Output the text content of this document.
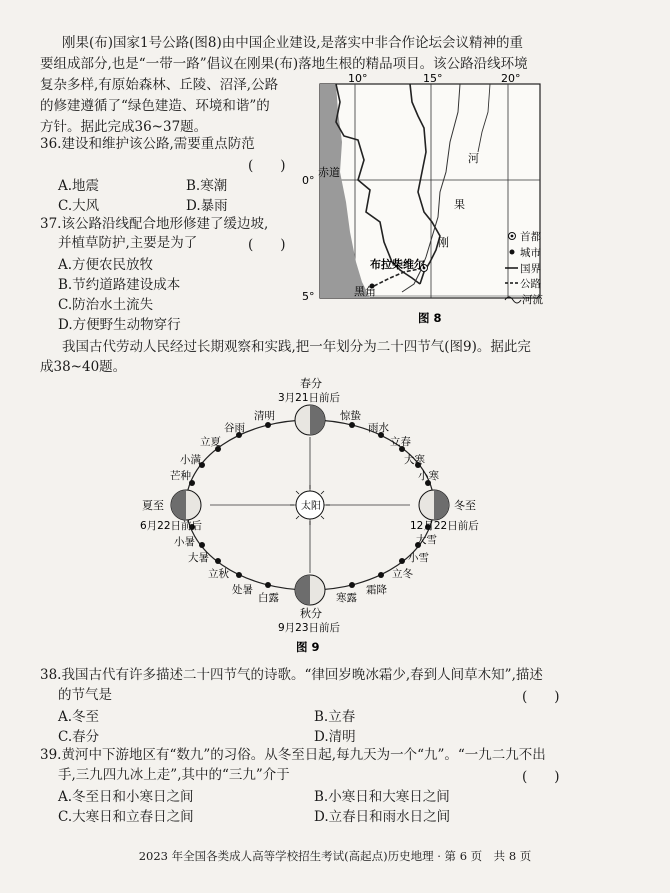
刚果(布)国家1号公路(图8)由中国企业建设,是落实中非合作论坛会议精神的重
要组成部分,也是“一带一路”倡议在刚果(布)落地生根的精品项目。该公路沿线环境
复杂多样,有原始森林、丘陵、沼泽,公路
的修建遵循了“绿色建造、环境和谐”的
方针。据此完成36~37题。
36.建设和维护该公路,需要重点防范
(　　)
A.地震	B.寒潮
C.大风	D.暴雨
37.该公路沿线配合地形修建了缓边坡,
并植草防护,主要是为了	(　　)
A.方便农民放牧
B.节约道路建设成本
C.防治水土流失
D.方便野生动物穿行
10°	15°	20°
0°
5°
赤道
河
果
刚
布拉柴维尔
黑角
首都
城市
国界
公路
河流
图 8
我国古代劳动人民经过长期观察和实践,把一年划分为二十四节气(图9)。据此完
成38~40题。
太阳
春分
3月21日前后
夏至
6月22日前后
秋分
9月23日前后
冬至
12月22日前后
清明
谷雨
立夏
小满
芒种
惊蛰
雨水
立春
大寒
小寒
小暑
大暑
立秋
处暑
白露	寒露
霜降
立冬
小雪
大雪
图 9
38.我国古代有许多描述二十四节气的诗歌。“律回岁晚冰霜少,春到人间草木知”,描述
的节气是	(　　)
A.冬至	B.立春
C.春分	D.清明
39.黄河中下游地区有“数九”的习俗。从冬至日起,每九天为一个“九”。“一九二九不出
手,三九四九冰上走”,其中的“三九”介于	(　　)
A.冬至日和小寒日之间	B.小寒日和大寒日之间
C.大寒日和立春日之间	D.立春日和雨水日之间
2023 年全国各类成人高等学校招生考试(高起点)历史地理 · 第 6 页　共 8 页
